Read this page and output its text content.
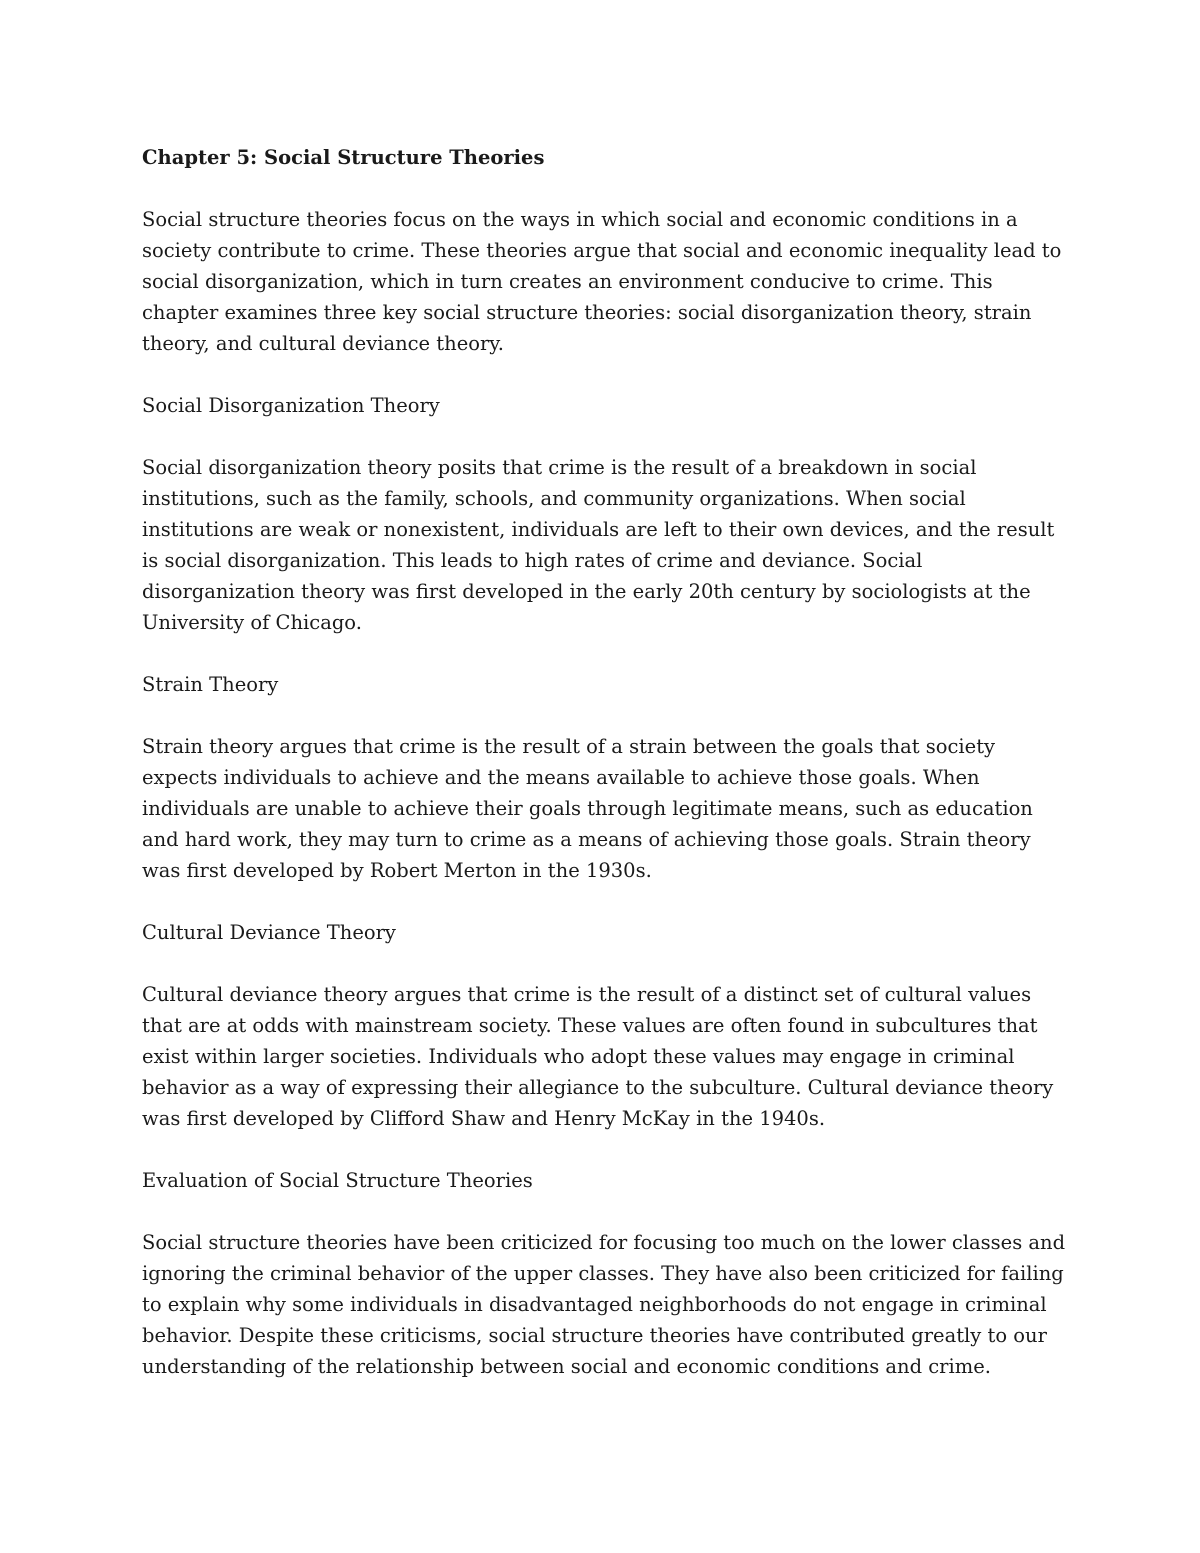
Chapter 5: Social Structure Theories

Social structure theories focus on the ways in which social and economic conditions in a society contribute to crime. These theories argue that social and economic inequality lead to social disorganization, which in turn creates an environment conducive to crime. This chapter examines three key social structure theories: social disorganization theory, strain theory, and cultural deviance theory.

Social Disorganization Theory

Social disorganization theory posits that crime is the result of a breakdown in social institutions, such as the family, schools, and community organizations. When social institutions are weak or nonexistent, individuals are left to their own devices, and the result is social disorganization. This leads to high rates of crime and deviance. Social disorganization theory was first developed in the early 20th century by sociologists at the University of Chicago.

Strain Theory

Strain theory argues that crime is the result of a strain between the goals that society expects individuals to achieve and the means available to achieve those goals. When individuals are unable to achieve their goals through legitimate means, such as education and hard work, they may turn to crime as a means of achieving those goals. Strain theory was first developed by Robert Merton in the 1930s.

Cultural Deviance Theory

Cultural deviance theory argues that crime is the result of a distinct set of cultural values that are at odds with mainstream society. These values are often found in subcultures that exist within larger societies. Individuals who adopt these values may engage in criminal behavior as a way of expressing their allegiance to the subculture. Cultural deviance theory was first developed by Clifford Shaw and Henry McKay in the 1940s.

Evaluation of Social Structure Theories

Social structure theories have been criticized for focusing too much on the lower classes and ignoring the criminal behavior of the upper classes. They have also been criticized for failing to explain why some individuals in disadvantaged neighborhoods do not engage in criminal behavior. Despite these criticisms, social structure theories have contributed greatly to our understanding of the relationship between social and economic conditions and crime.
